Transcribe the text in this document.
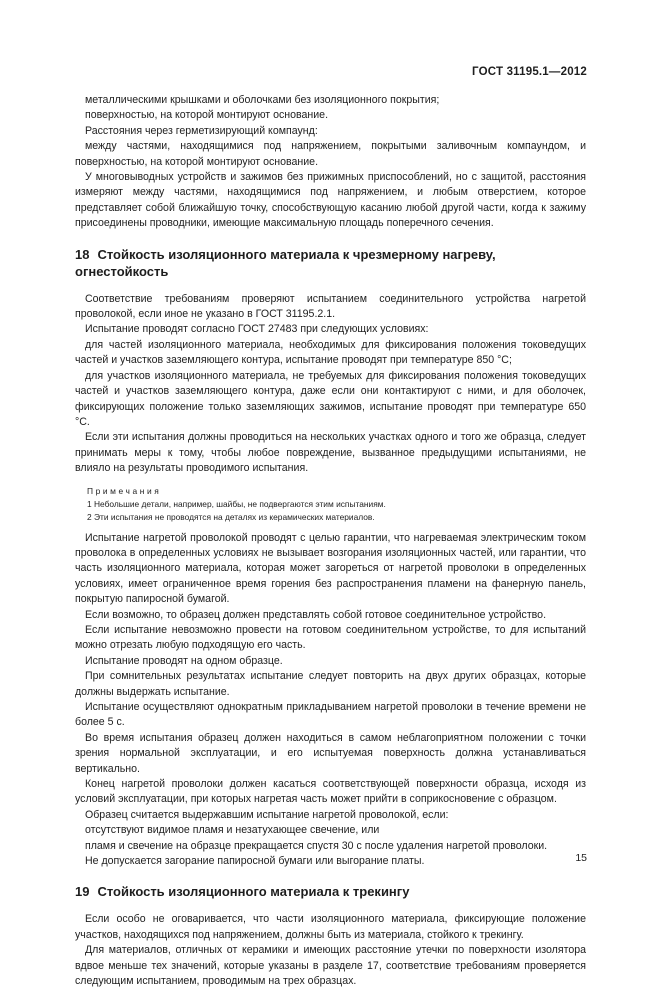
ГОСТ 31195.1—2012

металлическими крышками и оболочками без изоляционного покрытия;

поверхностью, на которой монтируют основание.

Расстояния через герметизирующий компаунд:

между частями, находящимися под напряжением, покрытыми заливочным компаундом, и поверхностью, на которой монтируют основание.

У многовыводных устройств и зажимов без прижимных приспособлений, но с защитой, расстояния измеряют между частями, находящимися под напряжением, и любым отверстием, которое представляет собой ближайшую точку, способствующую касанию любой другой части, когда к зажиму присоединены проводники, имеющие максимальную площадь поперечного сечения.

18 Стойкость изоляционного материала к чрезмерному нагреву, огнестойкость

Соответствие требованиям проверяют испытанием соединительного устройства нагретой проволокой, если иное не указано в ГОСТ 31195.2.1.

Испытание проводят согласно ГОСТ 27483 при следующих условиях:

для частей изоляционного материала, необходимых для фиксирования положения токоведущих частей и участков заземляющего контура, испытание проводят при температуре 850 °С;

для участков изоляционного материала, не требуемых для фиксирования положения токоведущих частей и участков заземляющего контура, даже если они контактируют с ними, и для оболочек, фиксирующих положение только заземляющих зажимов, испытание проводят при температуре 650 °С.

Если эти испытания должны проводиться на нескольких участках одного и того же образца, следует принимать меры к тому, чтобы любое повреждение, вызванное предыдущими испытаниями, не влияло на результаты проводимого испытания.

Примечания
1 Небольшие детали, например, шайбы, не подвергаются этим испытаниям.
2 Эти испытания не проводятся на деталях из керамических материалов.

Испытание нагретой проволокой проводят с целью гарантии, что нагреваемая электрическим током проволока в определенных условиях не вызывает возгорания изоляционных частей, или гарантии, что часть изоляционного материала, которая может загореться от нагретой проволоки в определенных условиях, имеет ограниченное время горения без распространения пламени на фанерную панель, покрытую папиросной бумагой.

Если возможно, то образец должен представлять собой готовое соединительное устройство.

Если испытание невозможно провести на готовом соединительном устройстве, то для испытаний можно отрезать любую подходящую его часть.

Испытание проводят на одном образце.

При сомнительных результатах испытание следует повторить на двух других образцах, которые должны выдержать испытание.

Испытание осуществляют однократным прикладыванием нагретой проволоки в течение времени не более 5 с.

Во время испытания образец должен находиться в самом неблагоприятном положении с точки зрения нормальной эксплуатации, и его испытуемая поверхность должна устанавливаться вертикально.

Конец нагретой проволоки должен касаться соответствующей поверхности образца, исходя из условий эксплуатации, при которых нагретая часть может прийти в соприкосновение с образцом.

Образец считается выдержавшим испытание нагретой проволокой, если:

отсутствуют видимое пламя и незатухающее свечение, или

пламя и свечение на образце прекращается спустя 30 с после удаления нагретой проволоки.

Не допускается загорание папиросной бумаги или выгорание платы.

19 Стойкость изоляционного материала к трекингу

Если особо не оговаривается, что части изоляционного материала, фиксирующие положение участков, находящихся под напряжением, должны быть из материала, стойкого к трекингу.

Для материалов, отличных от керамики и имеющих расстояние утечки по поверхности изолятора вдвое меньше тех значений, которые указаны в разделе 17, соответствие требованиям проверяется следующим испытанием, проводимым на трех образцах.

15
